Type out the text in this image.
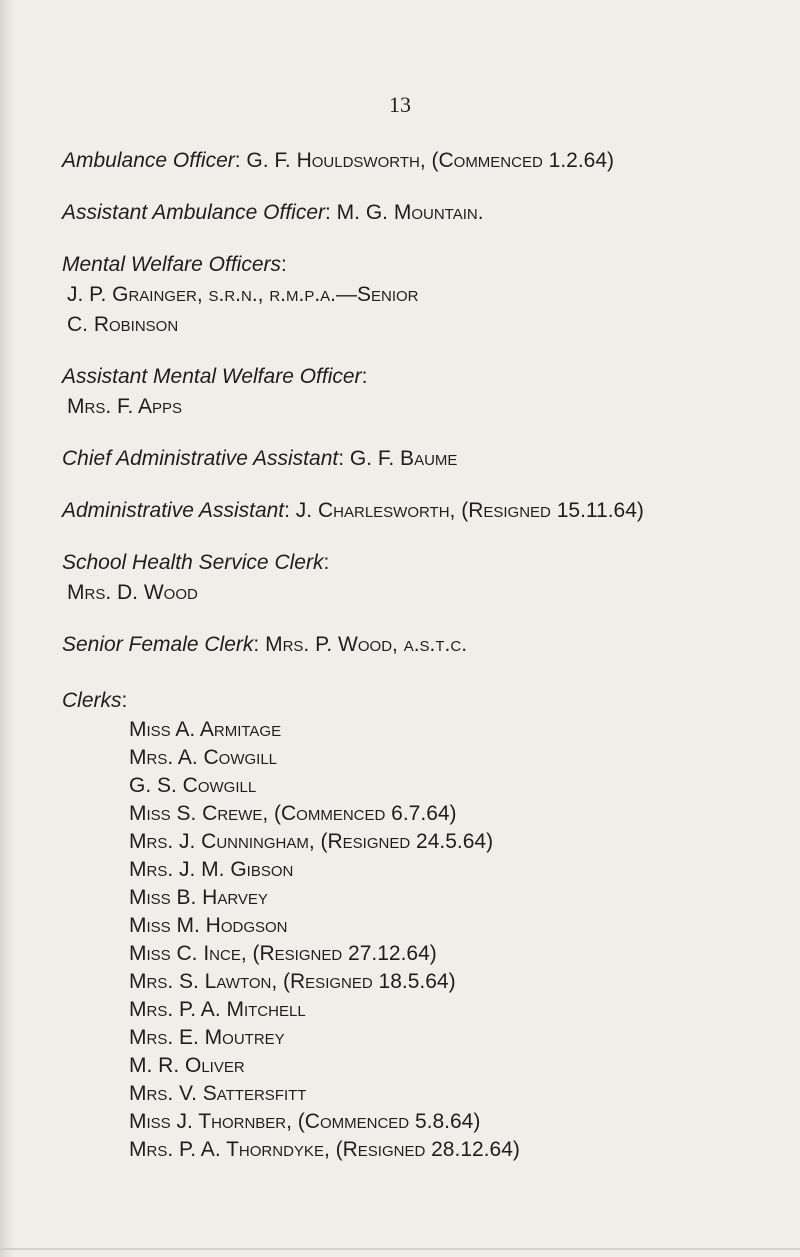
13

Ambulance Officer: G. F. Houldsworth, (Commenced 1.2.64)

Assistant Ambulance Officer: M. G. Mountain.

Mental Welfare Officers:

J. P. Grainger, s.r.n., r.m.p.a.—Senior

C. Robinson

Assistant Mental Welfare Officer:

Mrs. F. Apps

Chief Administrative Assistant: G. F. Baume

Administrative Assistant: J. Charlesworth, (Resigned 15.11.64)

School Health Service Clerk:

Mrs. D. Wood

Senior Female Clerk: Mrs. P. Wood, a.s.t.c.

Clerks:

Miss A. Armitage

Mrs. A. Cowgill

G. S. Cowgill

Miss S. Crewe, (Commenced 6.7.64)

Mrs. J. Cunningham, (Resigned 24.5.64)

Mrs. J. M. Gibson

Miss B. Harvey

Miss M. Hodgson

Miss C. Ince, (Resigned 27.12.64)

Mrs. S. Lawton, (Resigned 18.5.64)

Mrs. P. A. Mitchell

Mrs. E. Moutrey

M. R. Oliver

Mrs. V. Sattersfitt

Miss J. Thornber, (Commenced 5.8.64)

Mrs. P. A. Thorndyke, (Resigned 28.12.64)
